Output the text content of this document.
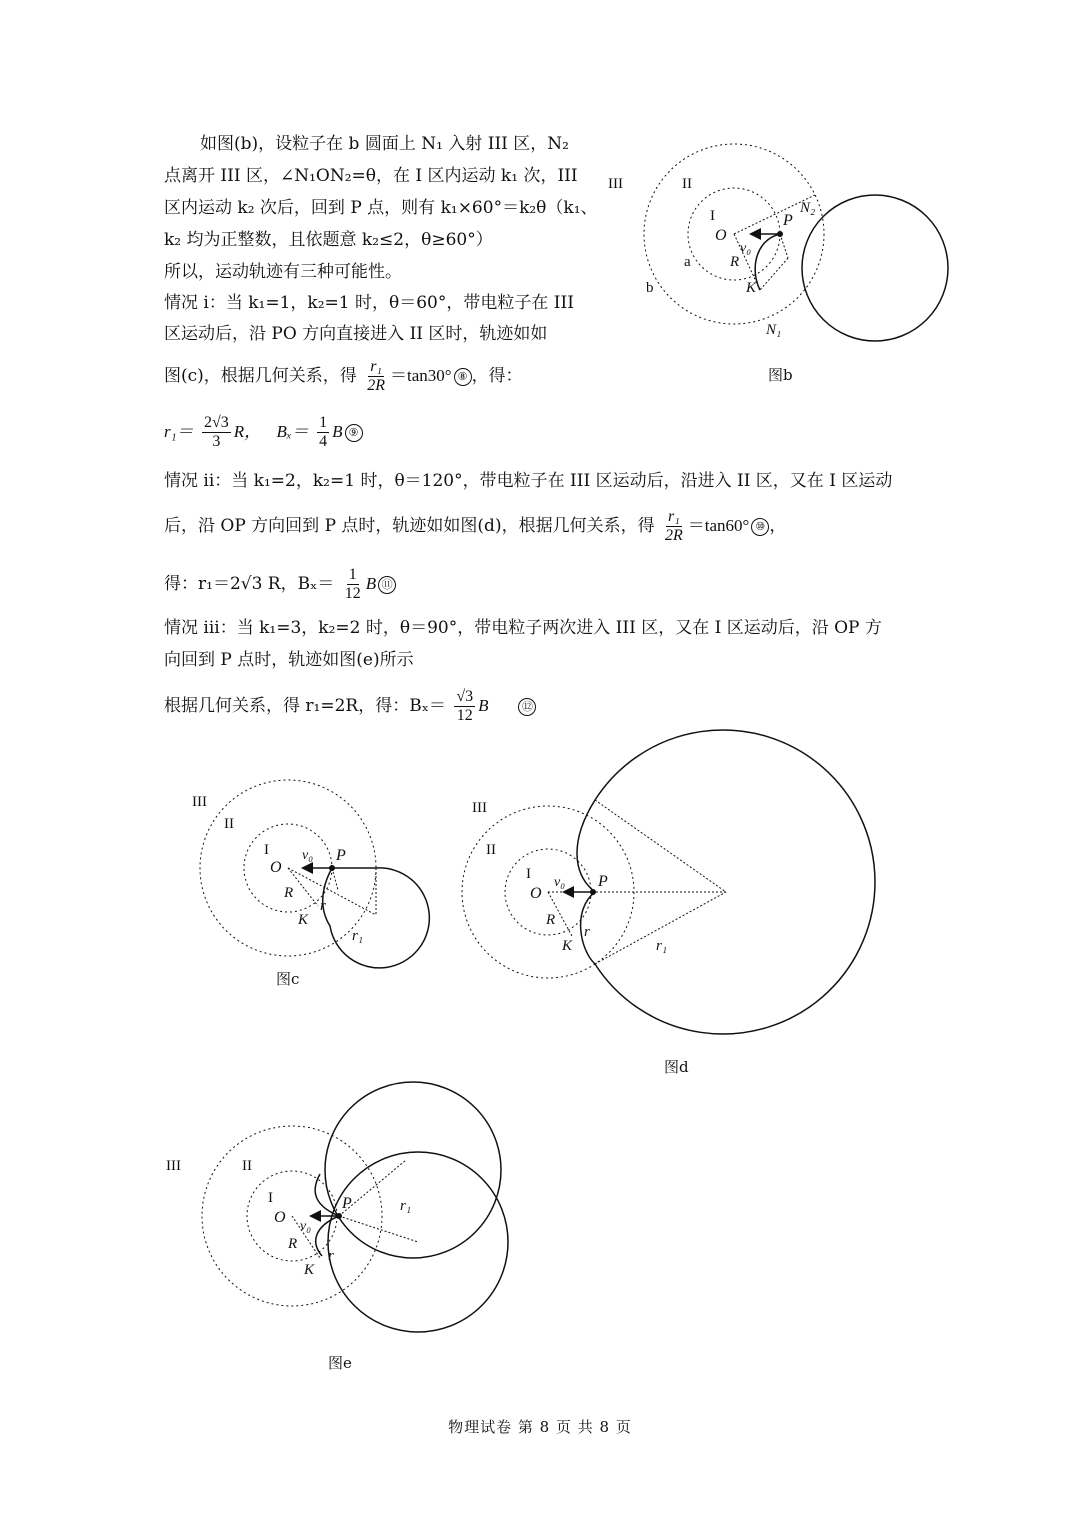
如图(b)，设粒子在 b 圆面上 N₁ 入射 III 区，N₂
点离开 III 区，∠N₁ON₂=θ，在 I 区内运动 k₁ 次，III
区内运动 k₂ 次后，回到 P 点，则有 k₁×60°＝k₂θ（k₁、
k₂ 均为正整数，且依题意 k₂≤2，θ≥60°）
所以，运动轨迹有三种可能性。
情况 i：当 k₁=1，k₂=1 时，θ＝60°，带电粒子在 III
区运动后，沿 PO 方向直接进入 II 区时，轨迹如如
图(c)，根据几何关系，得 $\frac{\text{r₁}}{2R} =\tan 30^\circ$ ⑧ ，得：
$r_1= \frac{2√3}{3}$ R， $B_x= \frac{1}{4}$ B ⑨
情况 ii：当 k₁=2，k₂=1 时，θ＝120°，带电粒子在 III 区运动后，沿进入 II 区，又在 I 区运动
后，沿 OP 方向回到 P 点时，轨迹如如图(d)，根据几何关系，得 $\frac{\text{r₁}}{2R} =\tan 60^\circ$ ⑩ ，
得：r₁＝2√3 R，$B_x= \frac{1}{12}$ B ⑪
情况 iii：当 k₁=3，k₂=2 时，θ＝90°，带电粒子两次进入 III 区，又在 I 区运动后，沿 OP 方
向回到 P 点时，轨迹如图(e)所示
根据几何关系，得 r₁=2R，得：$B_x= \frac{√3}{12}$ B	⑫
III	II
I
O
P
v₀
R
K
a
b
N₁
N₂
图b
III
II
I
O
P
v₀
R
r
K
r₁
图c
III
II
I
O
P
v₀
R
r
K	r₁
图d
III	II
I
O
P
v₀
R
r
K
r₁
图e
物理试卷 第 8 页 共 8 页
